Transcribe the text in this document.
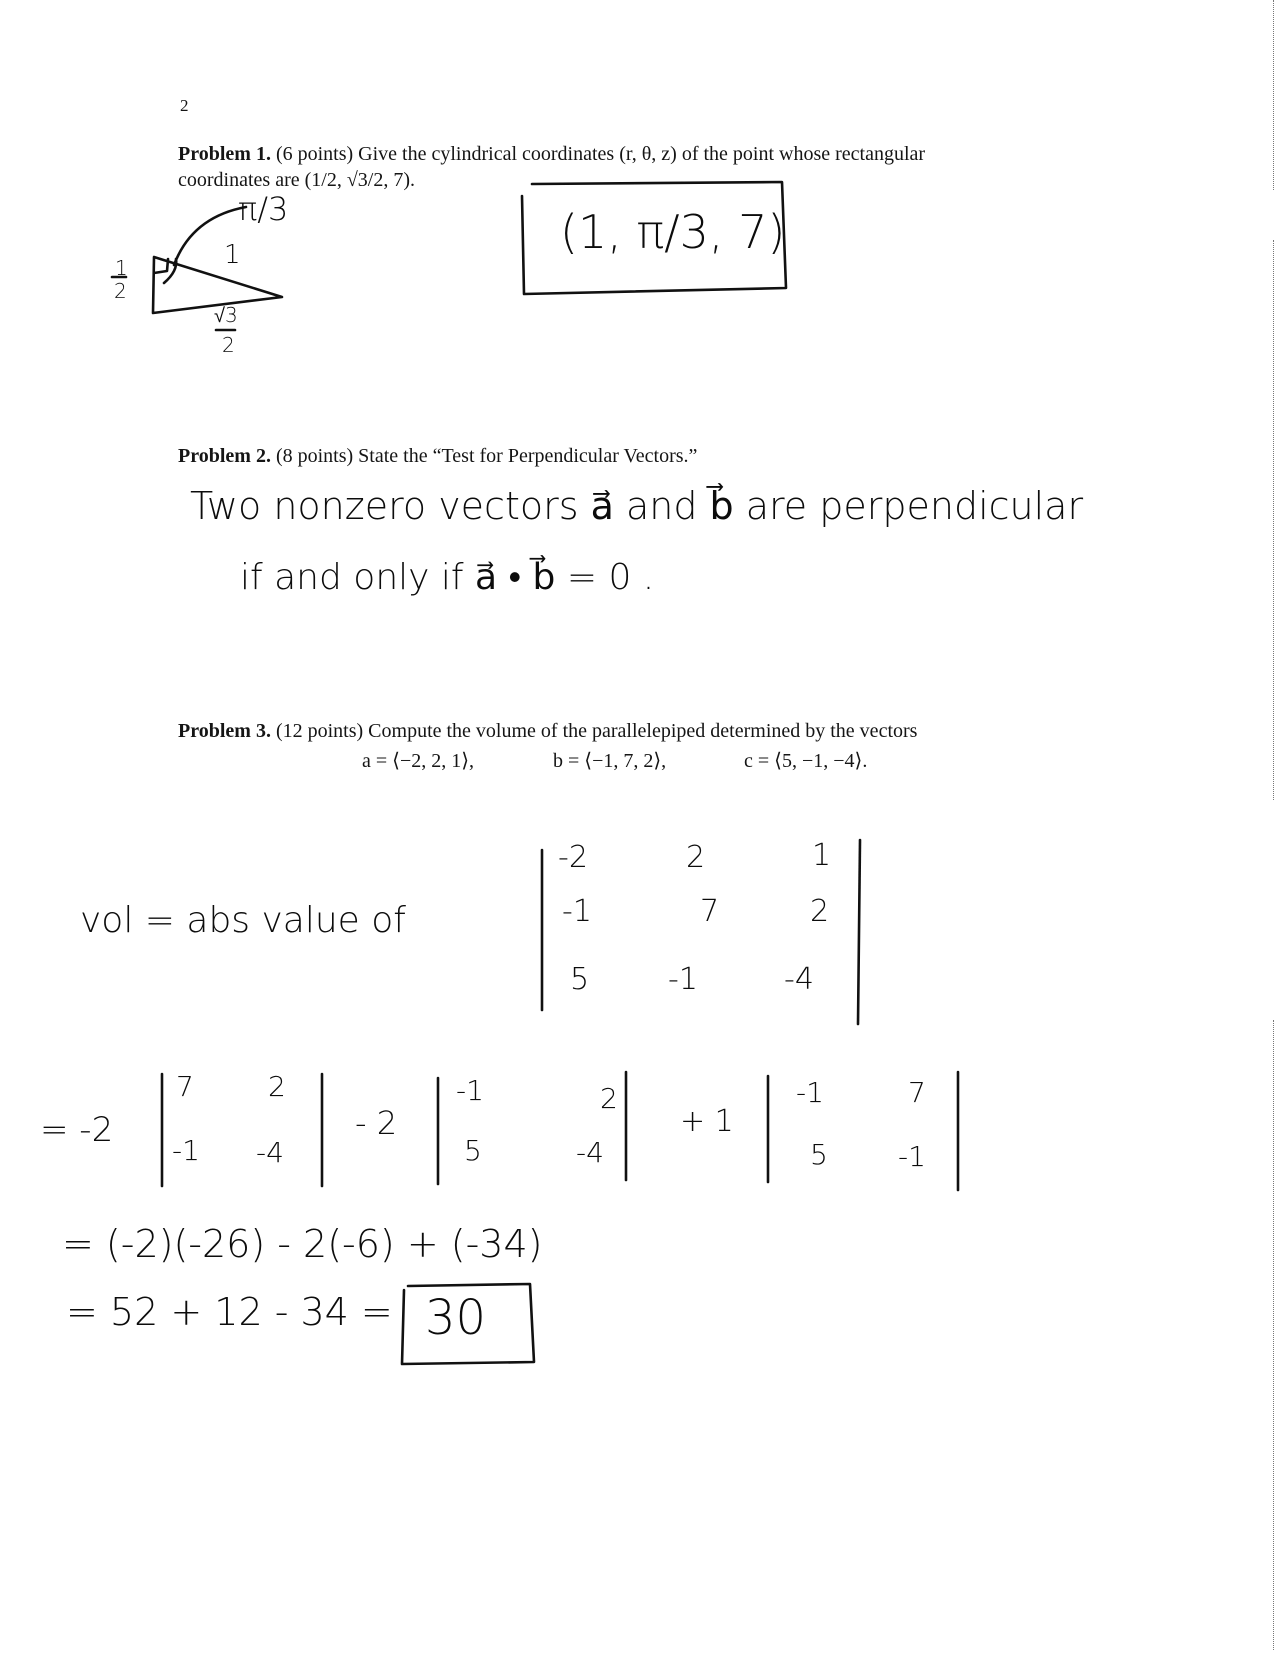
2
Problem 1. (6 points) Give the cylindrical coordinates (r, θ, z) of the point whose rectangular
coordinates are (1/2, √3/2, 7).
π/3
1
1
2
√3
2
(1, π/3, 7)
Problem 2. (8 points) State the “Test for Perpendicular Vectors.”
Two nonzero vectors a⃗ and b⃗ are perpendicular
if and only if a⃗ • b⃗ = 0 .
Problem 3. (12 points) Compute the volume of the parallelepiped determined by the vectors
a = ⟨−2, 2, 1⟩,	b = ⟨−1, 7, 2⟩,	c = ⟨5, −1, −4⟩.
vol = abs value of
-2	2	1
-1	7	2
5	-1	-4
= -2
7	2
-1 -4
- 2
-1	2
5	-4
+ 1
-1	7
5	-1
= (-2)(-26) - 2(-6) + (-34)
= 52 + 12 - 34 = 30
